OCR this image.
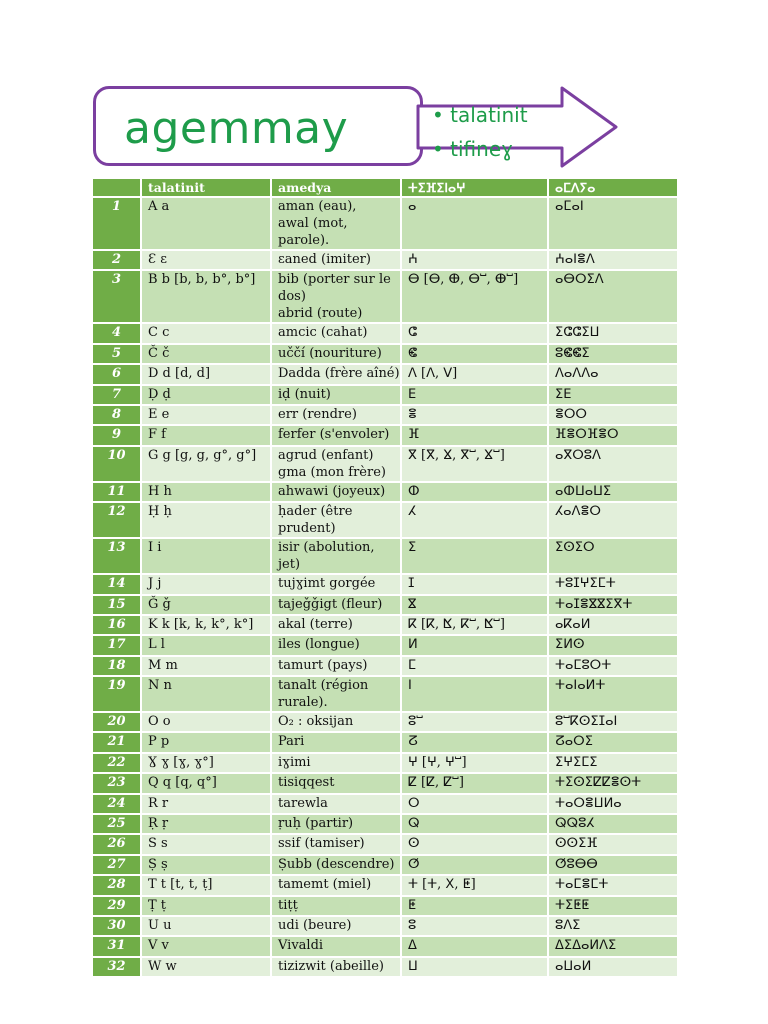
agemmay	• talatinit
• tifineɣ
	talatinit	amedya	ⵜⵉⴼⵉⵏⴰⵖ	ⴰⵎⴷⵢⴰ
1	A a	aman (eau),
awal (mot, parole).	ⴰ	ⴰⵎⴰⵏ
2	Ɛ ɛ	ɛaned (imiter)	ⵄ	ⵄⴰⵏⴻⴷ
3	B b [b, b, b°, b°]	bib (porter sur le dos)
abrid (route)	ⴱ [ⴱ, ⴲ, ⴱⵯ, ⴲⵯ]	ⴰⴱⵔⵉⴷ
4	C c	amcic (cahat)	ⵛ	ⵉⵛⵛⵉⵡ
5	Č č	uččí (nouriture)	ⵞ	ⵓⵞⵞⵉ
6	D d [d, d]	Dadda (frère aîné)	ⴷ [ⴷ, ⴸ]	ⴷⴰⴷⴷⴰ
7	Ḍ ḍ	iḍ (nuit)	ⴹ	ⵉⴹ
8	E e	err (rendre)	ⴻ	ⴻⵔⵔ
9	F f	ferfer (s'envoler)	ⴼ	ⴼⴻⵔⴼⴻⵔ
10	G g [g, g, g°, g°]	agrud (enfant)
gma (mon frère)	ⴳ [ⴳ, ⴴ, ⴳⵯ, ⴴⵯ]	ⴰⴳⵔⵓⴷ
11	H h	ahwawi (joyeux)	ⵀ	ⴰⵀⵡⴰⵡⵉ
12	Ḥ ḥ	ḥader (être prudent)	ⵃ	ⵃⴰⴷⴻⵔ
13	I i	isir (abolution, jet)	ⵉ	ⵉⵙⵉⵔ
14	J j	tujɣimt gorgée	ⵊ	ⵜⵓⵊⵖⵉⵎⵜ
15	Ǧ ǧ	tajeǧǧigt (fleur)	ⴵ	ⵜⴰⵊⴻⴵⴵⵉⴳⵜ
16	K k [k, k, k°, k°]	akal (terre)	ⴽ [ⴽ, ⴿ, ⴽⵯ, ⴿⵯ]	ⴰⴽⴰⵍ
17	L l	iles (longue)	ⵍ	ⵉⵍⵙ
18	M m	tamurt (pays)	ⵎ	ⵜⴰⵎⵓⵔⵜ
19	N n	tanalt (région rurale).	ⵏ	ⵜⴰⵏⴰⵍⵜ
20	O o	O₂ : oksijan	ⵓⵯ	ⵓⵯⴽⵙⵉⵊⴰⵏ
21	P p	Pari	ⵒ	ⵒⴰⵔⵉ
22	Ɣ ɣ [ɣ, ɣ°]	iɣimi	ⵖ [ⵖ, ⵖⵯ]	ⵉⵖⵉⵎⵉ
23	Q q [q, q°]	tisiqqest	ⵇ [ⵇ, ⵇⵯ]	ⵜⵉⵙⵉⵇⵇⴻⵙⵜ
24	R r	tarewla	ⵔ	ⵜⴰⵔⴻⵡⵍⴰ
25	Ṛ ṛ	ṛuḥ (partir)	ⵕ	ⵕⵕⵓⵃ
26	S s	ssif (tamiser)	ⵙ	ⵙⵙⵉⴼ
27	Ṣ ṣ	Ṣubb (descendre)	ⵚ	ⵚⵓⴱⴱ
28	T t [t, t, ṭ]	tamemt (miel)	ⵜ [ⵜ, ⵝ, ⵟ]	ⵜⴰⵎⴻⵎⵜ
29	Ṭ ṭ	tiṭṭ	ⵟ	ⵜⵉⵟⵟ
30	U u	udi (beure)	ⵓ	ⵓⴷⵉ
31	V v	Vivaldi	ⵠ	ⵠⵉⵠⴰⵍⴷⵉ
32	W w	tizizwit (abeille)	ⵡ	ⴰⵡⴰⵍ
